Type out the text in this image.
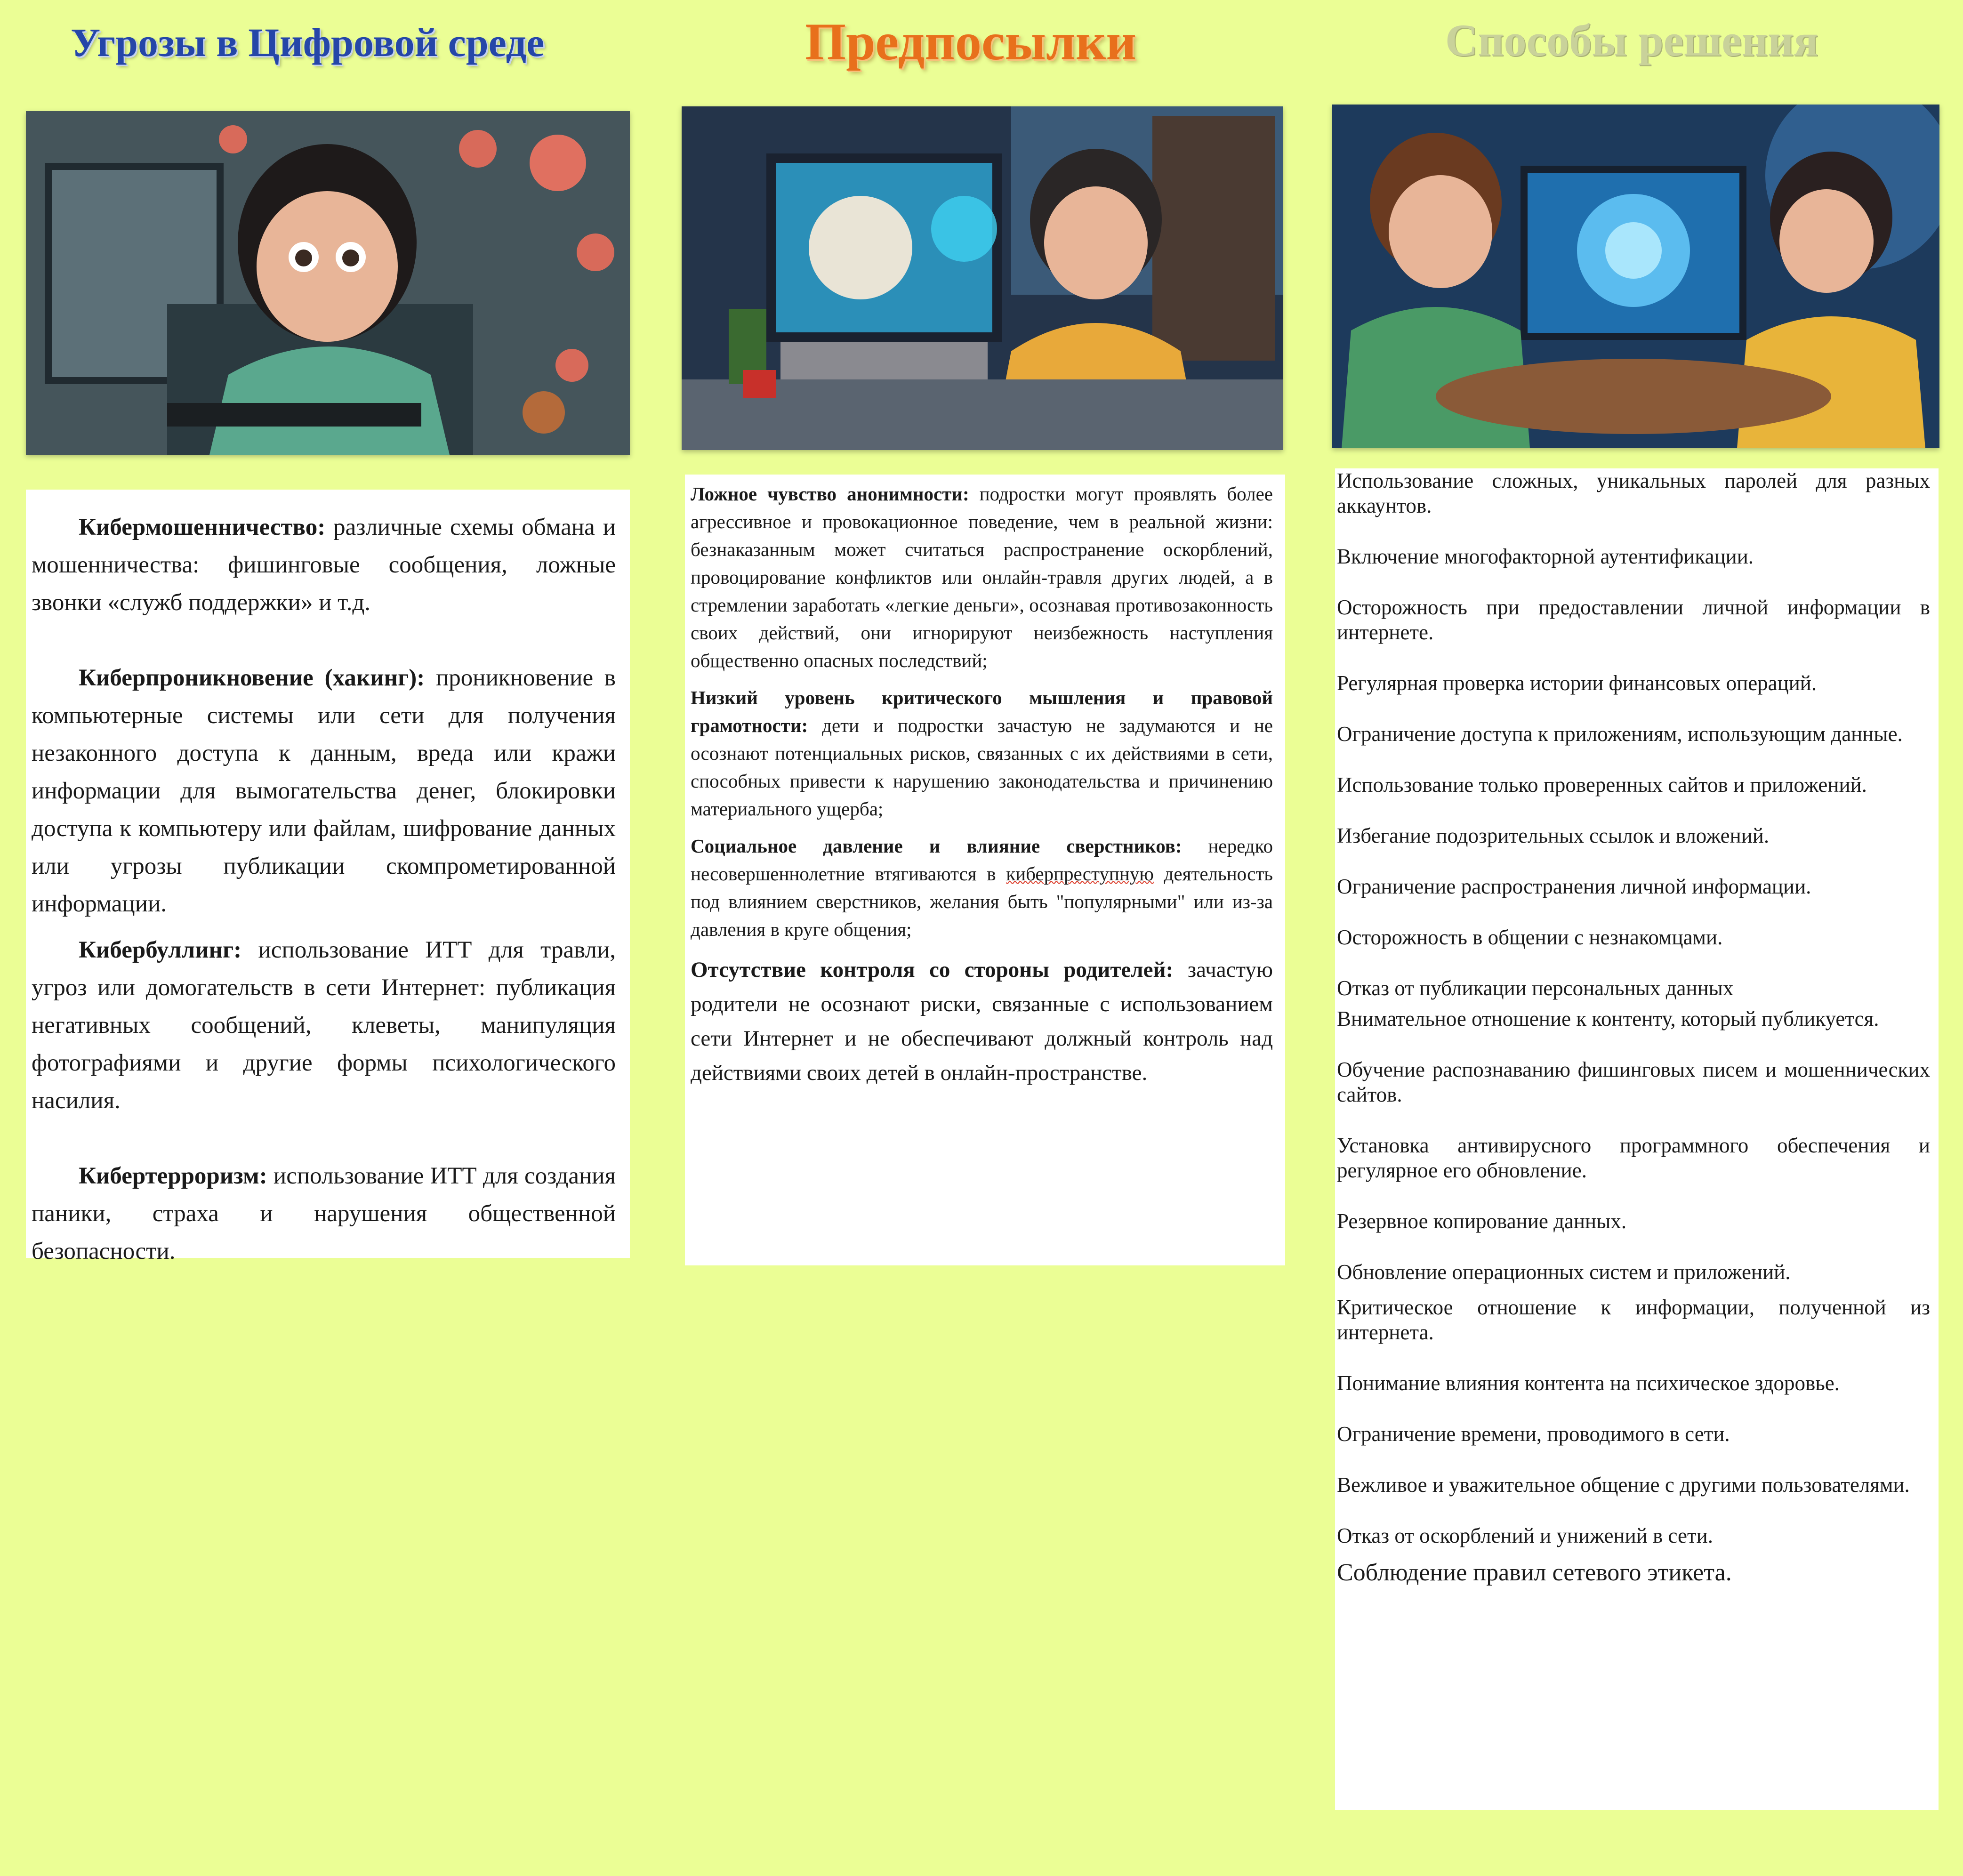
Угрозы в Цифровой среде	Предпосылки	Способы решения

Кибермошенничество: различные схемы обмана и мошенничества: фишинговые сообщения, ложные звонки «служб поддержки» и т.д.

Киберпроникновение (хакинг): проникновение в компьютерные системы или сети для получения незаконного доступа к данным, вреда или кражи информации для вымогательства денег, блокировки доступа к компьютеру или файлам, шифрование данных или угрозы публикации скомпрометированной информации.

Кибербуллинг: использование ИТТ для травли, угроз или домогательств в сети Интернет: публикация негативных сообщений, клеветы, манипуляция фотографиями и другие формы психологического насилия.

Кибертерроризм: использование ИТТ для создания паники, страха и нарушения общественной безопасности.

Ложное чувство анонимности: подростки могут проявлять более агрессивное и провокационное поведение, чем в реальной жизни: безнаказанным может считаться распространение оскорблений, провоцирование конфликтов или онлайн-травля других людей, а в стремлении заработать «легкие деньги», осознавая противозаконность своих действий, они игнорируют неизбежность наступления общественно опасных последствий;

Низкий уровень критического мышления и правовой грамотности: дети и подростки зачастую не задумаются и не осознают потенциальных рисков, связанных с их действиями в сети, способных привести к нарушению законодательства и причинению материального ущерба;

Социальное давление и влияние сверстников: нередко несовершеннолетние втягиваются в киберпреступную деятельность под влиянием сверстников, желания быть "популярными" или из-за давления в круге общения;

Отсутствие контроля со стороны родителей: зачастую родители не осознают риски, связанные с использованием сети Интернет и не обеспечивают должный контроль над действиями своих детей в онлайн-пространстве.

Использование сложных, уникальных паролей для разных аккаунтов.

Включение многофакторной аутентификации.

Осторожность при предоставлении личной информации в интернете.

Регулярная проверка истории финансовых операций.

Ограничение доступа к приложениям, использующим данные.

Использование только проверенных сайтов и приложений.

Избегание подозрительных ссылок и вложений.

Ограничение распространения личной информации.

Осторожность в общении с незнакомцами.

Отказ от публикации персональных данных

Внимательное отношение к контенту, который публикуется.

Обучение распознаванию фишинговых писем и мошеннических сайтов.

Установка антивирусного программного обеспечения и регулярное его обновление.

Резервное копирование данных.

Обновление операционных систем и приложений.

Критическое отношение к информации, полученной из интернета.

Понимание влияния контента на психическое здоровье.

Ограничение времени, проводимого в сети.

Вежливое и уважительное общение с другими пользователями.

Отказ от оскорблений и унижений в сети.

Соблюдение правил сетевого этикета.
